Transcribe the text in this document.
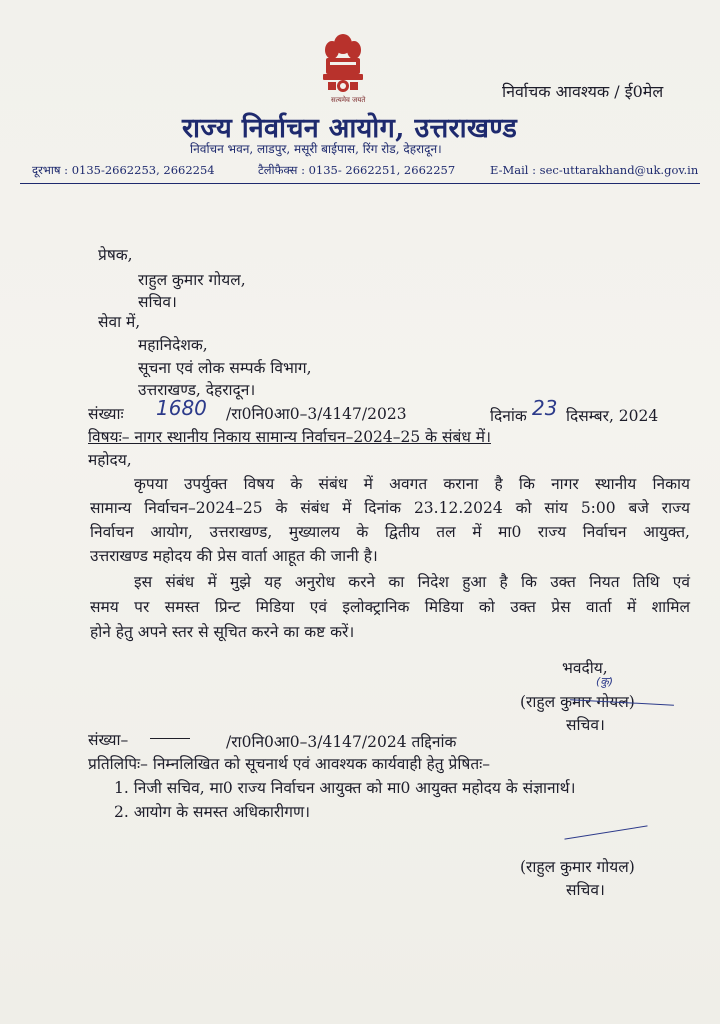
निर्वाचक आवश्यक / ई0मेल
सत्यमेव जयते
राज्य निर्वाचन आयोग, उत्तराखण्ड
निर्वाचन भवन, लाडपुर, मसूरी बाईपास, रिंग रोड, देहरादून।
दूरभाष : 0135-2662253, 2662254	टैलीफैक्स : 0135- 2662251, 2662257	E-Mail : sec-uttarakhand@uk.gov.in
प्रेषक,
राहुल कुमार गोयल,
सचिव।
सेवा में,
महानिदेशक,
सूचना एवं लोक सम्पर्क विभाग,
उत्तराखण्ड, देहरादून।
संख्याः 1680 /रा0नि0आ0–3/4147/2023	दिनांक 23 दिसम्बर, 2024
विषयः– नागर स्थानीय निकाय सामान्य निर्वाचन–2024–25 के संबंध में।
महोदय,
कृपया उपर्युक्त विषय के संबंध में अवगत कराना है कि नागर स्थानीय निकाय
सामान्य निर्वाचन–2024–25 के संबंध में दिनांक 23.12.2024 को सांय 5:00 बजे राज्य
निर्वाचन आयोग, उत्तराखण्ड, मुख्यालय के द्वितीय तल में मा0 राज्य निर्वाचन आयुक्त,
उत्तराखण्ड महोदय की प्रेस वार्ता आहूत की जानी है।
इस संबंध में मुझे यह अनुरोध करने का निदेश हुआ है कि उक्त नियत तिथि एवं
समय पर समस्त प्रिन्ट मिडिया एवं इलोक्ट्रानिक मिडिया को उक्त प्रेस वार्ता में शामिल
होने हेतु अपने स्तर से सूचित करने का कष्ट करें।
भवदीय,
(कु)
(राहुल कुमार गोयल)
सचिव।
संख्या–	/रा0नि0आ0–3/4147/2024 तद्दिनांक
प्रतिलिपिः– निम्नलिखित को सूचनार्थ एवं आवश्यक कार्यवाही हेतु प्रेषितः–
1. निजी सचिव, मा0 राज्य निर्वाचन आयुक्त को मा0 आयुक्त महोदय के संज्ञानार्थ।
2. आयोग के समस्त अधिकारीगण।
(राहुल कुमार गोयल)
सचिव।
